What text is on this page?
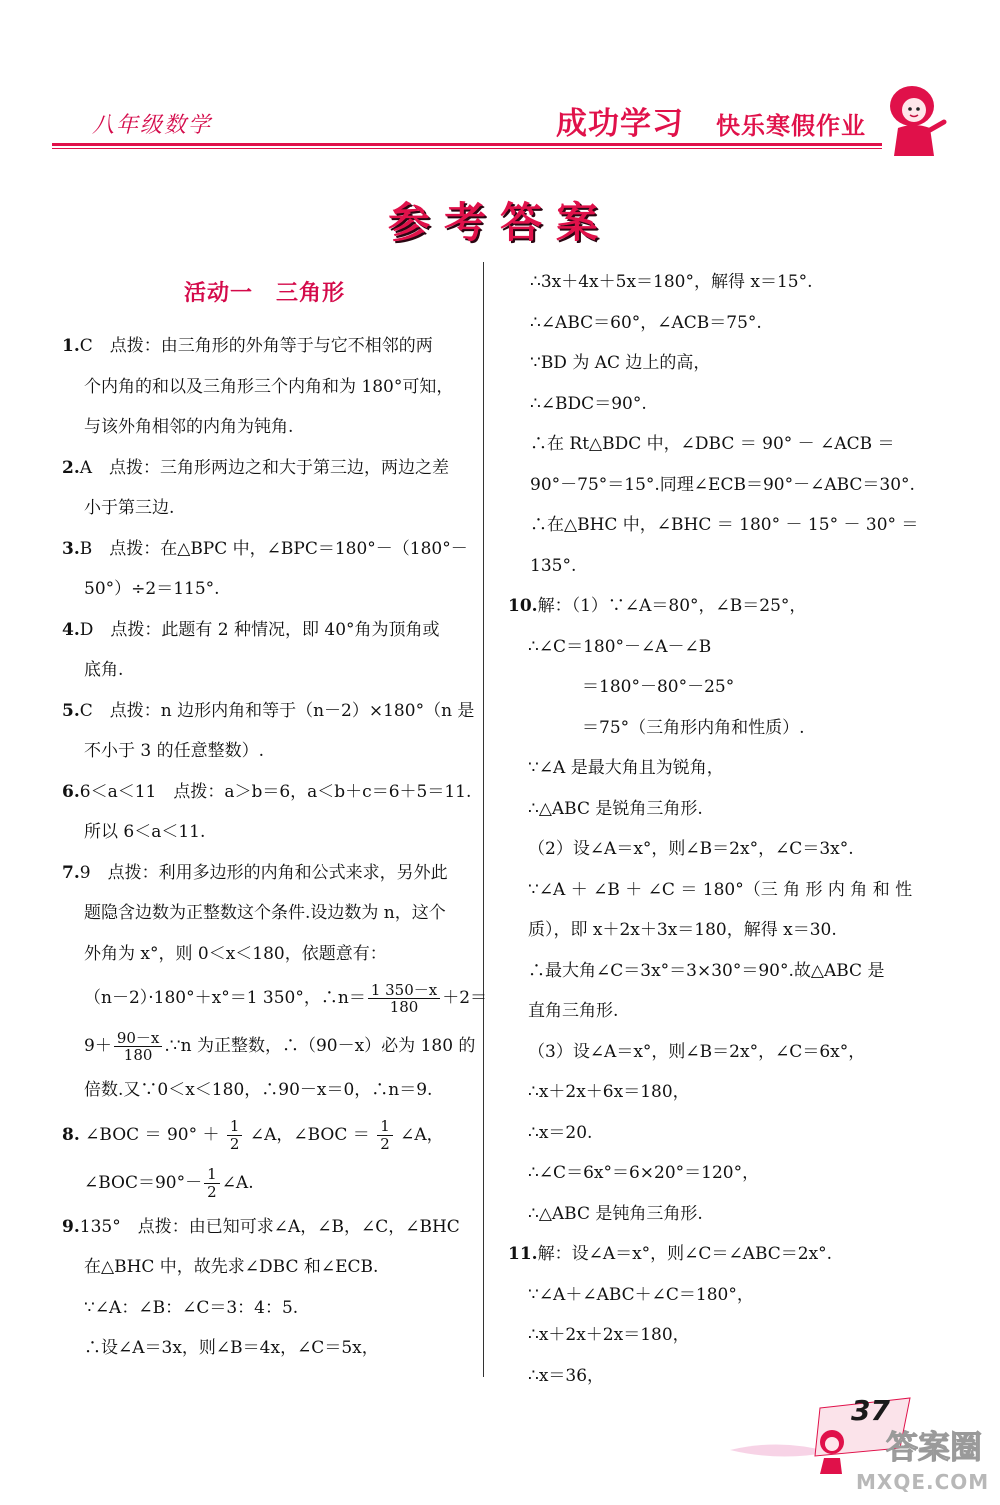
八年级数学	成功学习 快乐寒假作业
参考答案
活动一　三角形
1.C　点拨：由三角形的外角等于与它不相邻的两
个内角的和以及三角形三个内角和为 180°可知，
与该外角相邻的内角为钝角.
2.A　点拨：三角形两边之和大于第三边，两边之差
小于第三边.
3.B　点拨：在△BPC 中，∠BPC＝180°－（180°－
50°）÷2＝115°.
4.D　点拨：此题有 2 种情况，即 40°角为顶角或
底角.
5.C　点拨：n 边形内角和等于（n－2）×180°（n 是
不小于 3 的任意整数）.
6.6＜a＜11　点拨：a＞b＝6，a＜b＋c＝6＋5＝11.
所以 6＜a＜11.
7.9　点拨：利用多边形的内角和公式来求，另外此
题隐含边数为正整数这个条件.设边数为 n，这个
外角为 x°，则 0＜x＜180，依题意有：
（n－2）·180°＋x°＝1 350°，∴n＝ $\frac{1 350-x}{180} +2=$
$9+ \frac{90-x}{180}$ .∵n 为正整数，∴（90－x）必为 180 的
倍数.又∵0＜x＜180，∴90－x＝0，∴n＝9.
8. ∠BOC ＝ $90^\circ + \frac{1}{2}$ ∠A，∠BOC ＝ $\frac{1}{2}$ ∠A，
∠BOC＝90°－ $\frac{1}{2}$ ∠A.
9.135°　点拨：由已知可求∠A，∠B，∠C，∠BHC
在△BHC 中，故先求∠DBC 和∠ECB.
∵∠A：∠B：∠C＝3：4：5.
∴设∠A＝3x，则∠B＝4x，∠C＝5x，
∴3x＋4x＋5x＝180°，解得 x＝15°.
∴∠ABC＝60°，∠ACB＝75°.
∵BD 为 AC 边上的高，
∴∠BDC＝90°.
∴在 Rt△BDC 中，∠DBC ＝ 90° － ∠ACB ＝
90°－75°＝15°.同理∠ECB＝90°－∠ABC＝30°.
∴在△BHC 中，∠BHC ＝ 180° － 15° － 30° ＝
135°.
10.解：（1）∵∠A＝80°，∠B＝25°，
∴∠C＝180°－∠A－∠B
＝180°－80°－25°
＝75°（三角形内角和性质）.
∵∠A 是最大角且为锐角，
∴△ABC 是锐角三角形.
（2）设∠A＝x°，则∠B＝2x°，∠C＝3x°.
∵∠A ＋ ∠B ＋ ∠C ＝ 180°（三 角 形 内 角 和 性
质），即 x＋2x＋3x＝180，解得 x＝30.
∴最大角∠C＝3x°＝3×30°＝90°.故△ABC 是
直角三角形.
（3）设∠A＝x°，则∠B＝2x°，∠C＝6x°，
∴x＋2x＋6x＝180，
∴x＝20.
∴∠C＝6x°＝6×20°＝120°，
∴△ABC 是钝角三角形.
11.解：设∠A＝x°，则∠C＝∠ABC＝2x°.
∵∠A＋∠ABC＋∠C＝180°，
∴x＋2x＋2x＝180，
∴x＝36，
37
答案圈
MXQE.COM
